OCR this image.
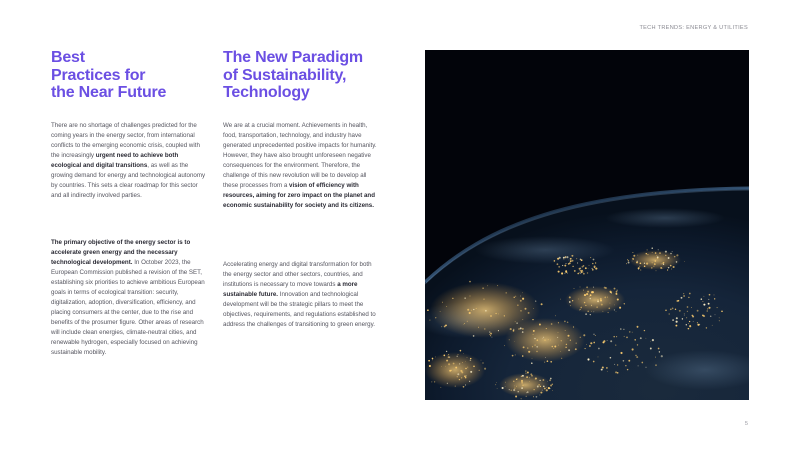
TECH TRENDS: ENERGY & UTILITIES
Best
Practices for
the Near Future

There are no shortage of challenges predicted for the coming years in the energy sector, from international conflicts to the emerging economic crisis, coupled with the increasingly urgent need to achieve both ecological and digital transitions, as well as the growing demand for energy and technological autonomy by countries. This sets a clear roadmap for this sector and all indirectly involved parties.

The primary objective of the energy sector is to accelerate green energy and the necessary technological development. In October 2023, the European Commission published a revision of the SET, establishing six priorities to achieve ambitious European goals in terms of ecological transition: security, digitalization, adoption, diversification, efficiency, and placing consumers at the center, due to the rise and benefits of the prosumer figure. Other areas of research will include clean energies, climate-neutral cities, and renewable hydrogen, especially focused on achieving sustainable mobility.

The New Paradigm
of Sustainability,
Technology

We are at a crucial moment. Achievements in health, food, transportation, technology, and industry have generated unprecedented positive impacts for humanity. However, they have also brought unforeseen negative consequences for the environment. Therefore, the challenge of this new revolution will be to develop all these processes from a vision of efficiency with resources, aiming for zero impact on the planet and economic sustainability for society and its citizens.

Accelerating energy and digital transformation for both the energy sector and other sectors, countries, and institutions is necessary to move towards a more sustainable future. Innovation and technological development will be the strategic pillars to meet the objectives, requirements, and regulations established to address the challenges of transitioning to green energy.

5
